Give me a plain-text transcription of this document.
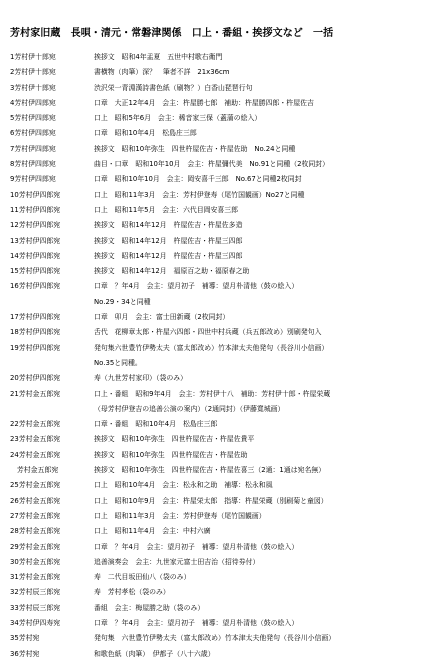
芳村家旧蔵　長唄・清元・常磐津関係　口上・番組・挨拶文など　一括
1芳村伊十郎宛	挨拶文　昭和4年盂夏　五世中村歌右衛門
2芳村伊十郎宛	書横物（肉筆）深？　筆者不詳　21x36cm
3芳村伊十郎宛	渋沢栄一青淵漢詩書色紙（刷物？）白香山琵琶行句
4芳村伊四郎宛	口章　大正12年4月　会主：杵屋勝七郎　補助：杵屋勝四郎・杵屋佐吉
5芳村伊四郎宛	口上　昭和5年6月　会主：稀音家三保（蓋蒲の絵入）
6芳村伊四郎宛	口章　昭和10年4月　松島庄三郎
7芳村伊四郎宛	挨拶文　昭和10年弥生　四世杵屋佐吉・杵屋佐助　No.24と同種
8芳村伊四郎宛	曲目・口章　昭和10年10月　会主：杵屋彌代美　No.91と同種（2枚同封）
9芳村伊四郎宛	口章　昭和10年10月　会主：岡安喜千三郎　No.67と同種2枚同封
10芳村伊四郎宛	口上　昭和11年3月　会主：芳村伊登寿（尾竹国観画）No27と同種
11芳村伊四郎宛	口上　昭和11年5月　会主：六代目岡安喜三郎
12芳村伊四郎宛	挨拶文　昭和14年12月　杵屋佐吉・杵屋佐多造
13芳村伊四郎宛	挨拶文　昭和14年12月　杵屋佐吉・杵屋三四郎
14芳村伊四郎宛	挨拶文　昭和14年12月　杵屋佐吉・杵屋三四郎
15芳村伊四郎宛	挨拶文　昭和14年12月　福原百之助・福原春之助
16芳村伊四郎宛	口章　？年4月　会主：望月初子　補導：望月朴清他（鼓の絵入）
No.29・34と同種
17芳村伊四郎宛	口章　卯月　会主：富士田新蔵（2枚同封）
18芳村伊四郎宛	舌代　花柳章太郎・杵屋六四郎・四世中村兵蔵（兵五郎改め）別刷発句入
19芳村伊四郎宛	発句集六世豊竹伊勢太夫（富太郎改め）竹本津太夫他発句（長谷川小信画）
No.35と同種。
20芳村伊四郎宛	寿（九世芳村家印）（袋のみ）
21芳村金五郎宛	口上・番組　昭和9年4月　会主：芳村伊十八　補助：芳村伊十郎・杵屋栄蔵
（母芳村伊登吉の追善公演の案内）（2通同封）（伊藤寬城画）
22芳村金五郎宛	口章・番組　昭和10年4月　松島庄三郎
23芳村金五郎宛	挨拶文　昭和10年弥生　四世杵屋佐吉・杵屋佐貴平
24芳村金五郎宛	挨拶文　昭和10年弥生　四世杵屋佐吉・杵屋佐助
　芳村金五郎宛	挨拶文　昭和10年弥生　四世杵屋佐吉・杵屋佐喜三（2通：1通は宛名無）
25芳村金五郎宛	口上　昭和10年4月　会主：松永和之助　補導：松永和風
26芳村金五郎宛	口上　昭和10年9月　会主：杵屋栄太郎　指導：杵屋栄蔵（別刷菊と童図）
27芳村金五郎宛	口上　昭和11年3月　会主：芳村伊登寿（尾竹国観画）
28芳村金五郎宛	口上　昭和11年4月　会主：中村六廣
29芳村金五郎宛	口章　？年4月　会主：望月初子　補導：望月朴清他（鼓の絵入）
30芳村金五郎宛	追善演奏会　会主：九世家元富士田吉治（招待券付）
31芳村金五郎宛	寿　二代目坂田仙八（袋のみ）
32芳村辰三郎宛	寿　芳村孝松（袋のみ）
33芳村辰三郎宛	番組　会主：梅屋勝之助（袋のみ）
34芳村伊四寿宛	口章　？年4月　会主：望月初子　補導：望月朴清他（鼓の絵入）
35芳村宛	発句集　六世豊竹伊勢太夫（富太郎改め）竹本津太夫他発句（長谷川小信画）
36芳村宛	和歌色紙（肉筆）　伊都子（八十六歳）
